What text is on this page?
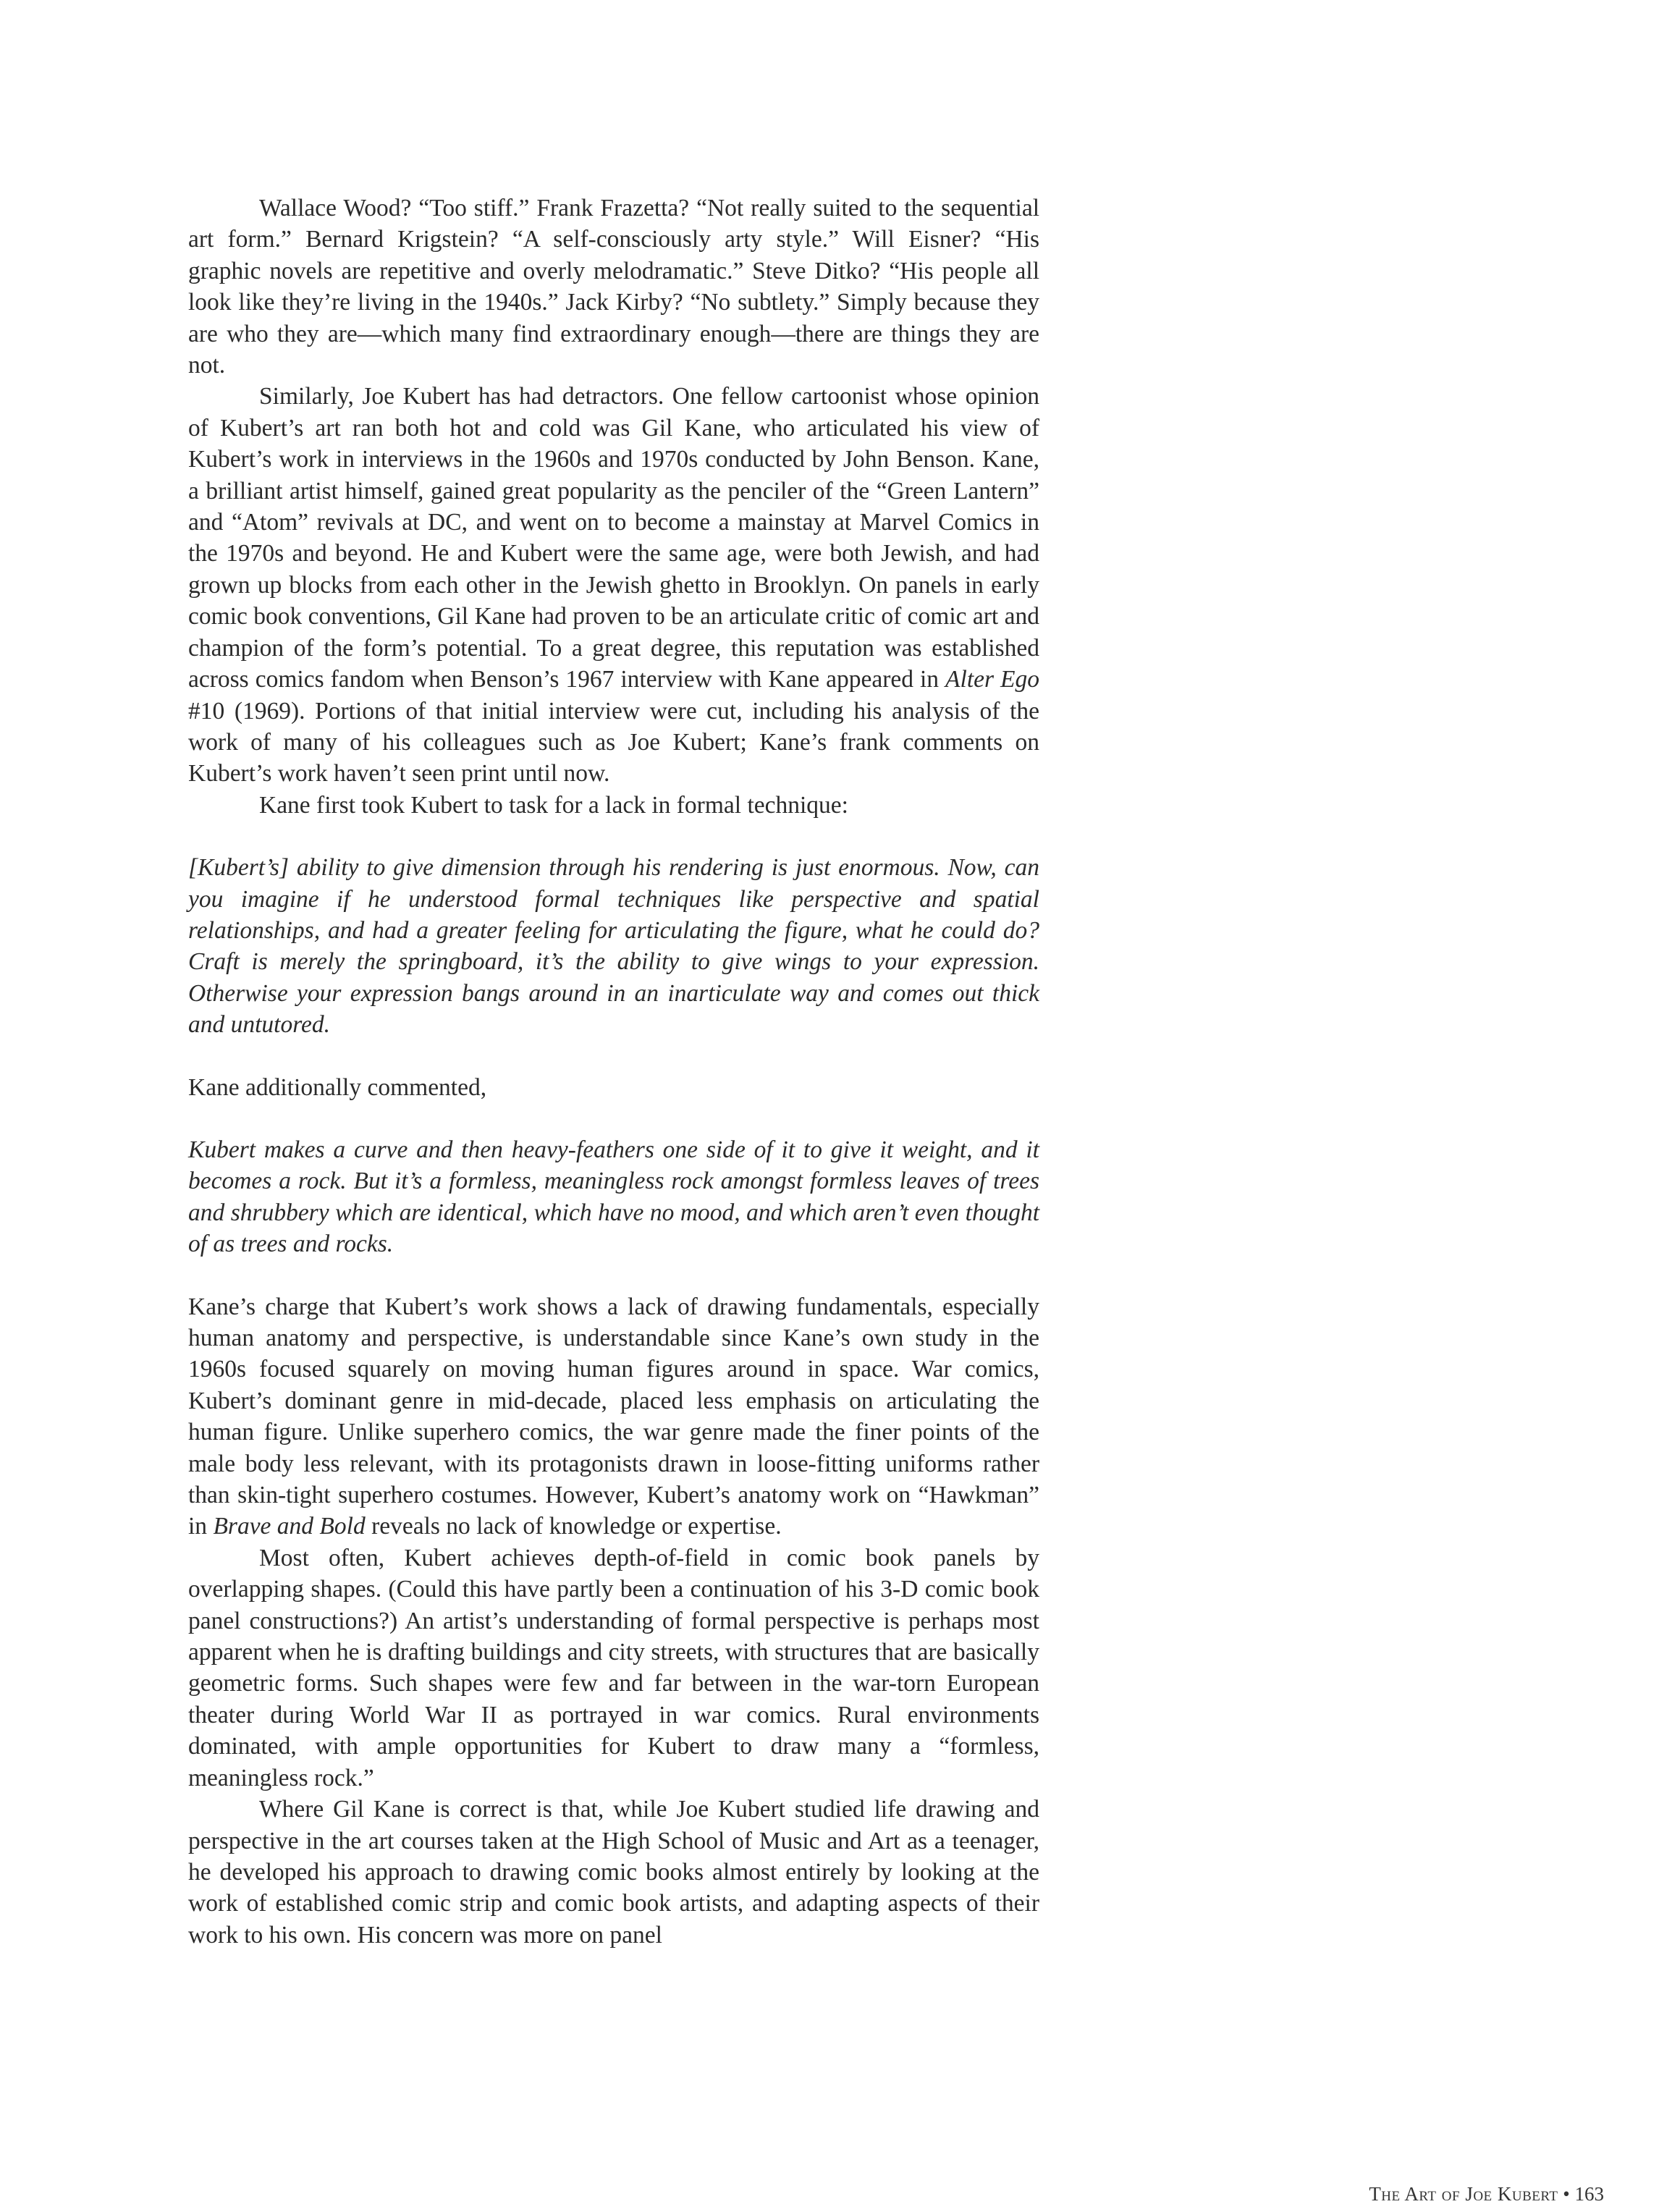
Wallace Wood? “Too stiff.” Frank Frazetta? “Not really suited to the sequential art form.” Bernard Krigstein? “A self-consciously arty style.” Will Eisner? “His graphic novels are repetitive and overly melodramatic.” Steve Ditko? “His people all look like they’re living in the 1940s.” Jack Kirby? “No subtlety.” Simply because they are who they are—which many find extraordinary enough—there are things they are not.

Similarly, Joe Kubert has had detractors. One fellow cartoonist whose opinion of Kubert’s art ran both hot and cold was Gil Kane, who articulated his view of Kubert’s work in interviews in the 1960s and 1970s conducted by John Benson. Kane, a brilliant artist himself, gained great popularity as the penciler of the “Green Lantern” and “Atom” revivals at DC, and went on to become a mainstay at Marvel Comics in the 1970s and beyond. He and Kubert were the same age, were both Jewish, and had grown up blocks from each other in the Jewish ghetto in Brooklyn. On panels in early comic book conventions, Gil Kane had proven to be an articulate critic of comic art and champion of the form’s potential. To a great degree, this reputation was established across comics fandom when Benson’s 1967 interview with Kane appeared in Alter Ego #10 (1969). Portions of that initial interview were cut, including his analysis of the work of many of his colleagues such as Joe Kubert; Kane’s frank comments on Kubert’s work haven’t seen print until now.

Kane first took Kubert to task for a lack in formal technique:

[Kubert’s] ability to give dimension through his rendering is just enormous. Now, can you imagine if he understood formal techniques like perspective and spatial relationships, and had a greater feeling for articulating the figure, what he could do? Craft is merely the springboard, it’s the ability to give wings to your expression. Otherwise your expression bangs around in an inarticulate way and comes out thick and untutored.

Kane additionally commented,

Kubert makes a curve and then heavy-feathers one side of it to give it weight, and it becomes a rock. But it’s a formless, meaningless rock amongst formless leaves of trees and shrubbery which are identical, which have no mood, and which aren’t even thought of as trees and rocks.

Kane’s charge that Kubert’s work shows a lack of drawing fundamentals, especially human anatomy and perspective, is understandable since Kane’s own study in the 1960s focused squarely on moving human figures around in space. War comics, Kubert’s dominant genre in mid-decade, placed less emphasis on articulating the human figure. Unlike superhero comics, the war genre made the finer points of the male body less relevant, with its protagonists drawn in loose-fitting uniforms rather than skin-tight superhero costumes. However, Kubert’s anatomy work on “Hawkman” in Brave and Bold reveals no lack of knowledge or expertise.

Most often, Kubert achieves depth-of-field in comic book panels by overlapping shapes. (Could this have partly been a continuation of his 3-D comic book panel constructions?) An artist’s understanding of formal perspective is perhaps most apparent when he is drafting buildings and city streets, with structures that are basically geometric forms. Such shapes were few and far between in the war-torn European theater during World War II as portrayed in war comics. Rural environments dominated, with ample opportunities for Kubert to draw many a “formless, meaningless rock.”

Where Gil Kane is correct is that, while Joe Kubert studied life drawing and perspective in the art courses taken at the High School of Music and Art as a teenager, he developed his approach to drawing comic books almost entirely by looking at the work of established comic strip and comic book artists, and adapting aspects of their work to his own. His concern was more on panel

The Art of Joe Kubert • 163
